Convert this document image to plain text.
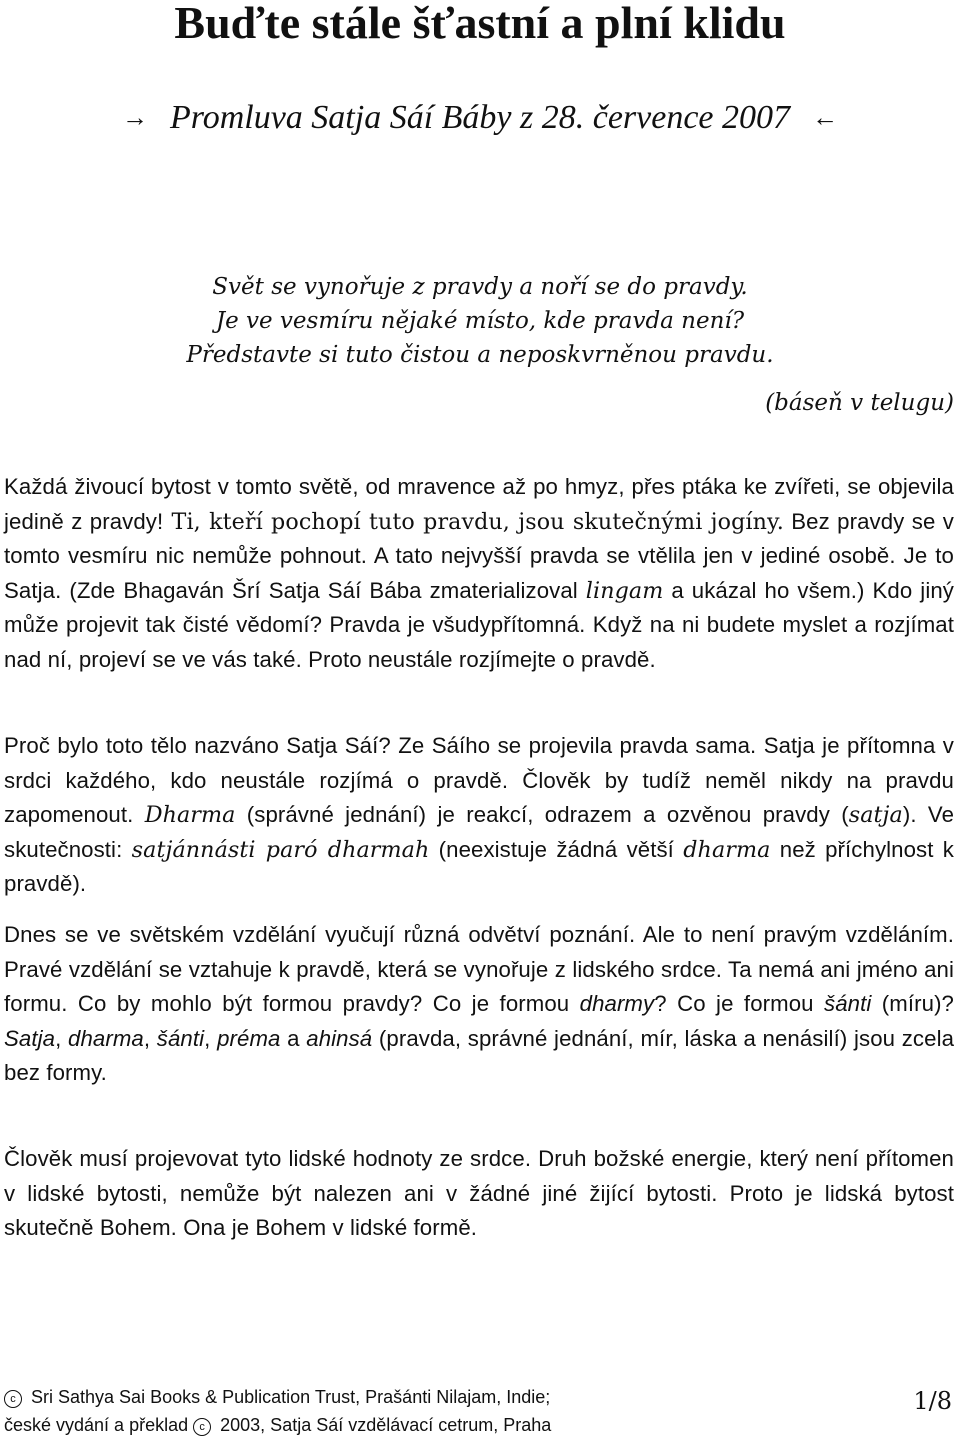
Buďte stále šťastní a plní klidu
→ Promluva Satja Sáí Báby z 28. července 2007 ←
Svět se vynořuje z pravdy a noří se do pravdy.
Je ve vesmíru nějaké místo, kde pravda není?
Představte si tuto čistou a neposkvrněnou pravdu.
(báseň v telugu)

Každá živoucí bytost v tomto světě, od mravence až po hmyz, přes ptáka ke zvířeti, se objevila jedině z pravdy! Ti, kteří pochopí tuto pravdu, jsou skutečnými jogíny. Bez pravdy se v tomto vesmíru nic nemůže pohnout. A tato nejvyšší pravda se vtělila jen v jediné osobě. Je to Satja. (Zde Bhagaván Šrí Satja Sáí Bába zmaterializoval lingam a ukázal ho všem.) Kdo jiný může projevit tak čisté vědomí? Pravda je všudypřítomná. Když na ni budete myslet a rozjímat nad ní, projeví se ve vás také. Proto neustále rozjímejte o pravdě.

Proč bylo toto tělo nazváno Satja Sáí? Ze Sáího se projevila pravda sama. Satja je přítomna v srdci každého, kdo neustále rozjímá o pravdě. Člověk by tudíž neměl nikdy na pravdu zapomenout. Dharma (správné jednání) je reakcí, odrazem a ozvěnou pravdy (satja). Ve skutečnosti: satjánnásti paró dharmah (neexistuje žádná větší dharma než příchylnost k pravdě).

Dnes se ve světském vzdělání vyučují různá odvětví poznání. Ale to není pravým vzděláním. Pravé vzdělání se vztahuje k pravdě, která se vynořuje z lidského srdce. Ta nemá ani jméno ani formu. Co by mohlo být formou pravdy? Co je formou dharmy? Co je formou šánti (míru)? Satja, dharma, šánti, préma a ahinsá (pravda, správné jednání, mír, láska a nenásilí) jsou zcela bez formy.

Člověk musí projevovat tyto lidské hodnoty ze srdce. Druh božské energie, který není přítomen v lidské bytosti, nemůže být nalezen ani v žádné jiné žijící bytosti. Proto je lidská bytost skutečně Bohem. Ona je Bohem v lidské formě.

c Sri Sathya Sai Books & Publication Trust, Prašánti Nilajam, Indie;
české vydání a překlad c 2003, Satja Sáí vzdělávací cetrum, Praha
1/8
